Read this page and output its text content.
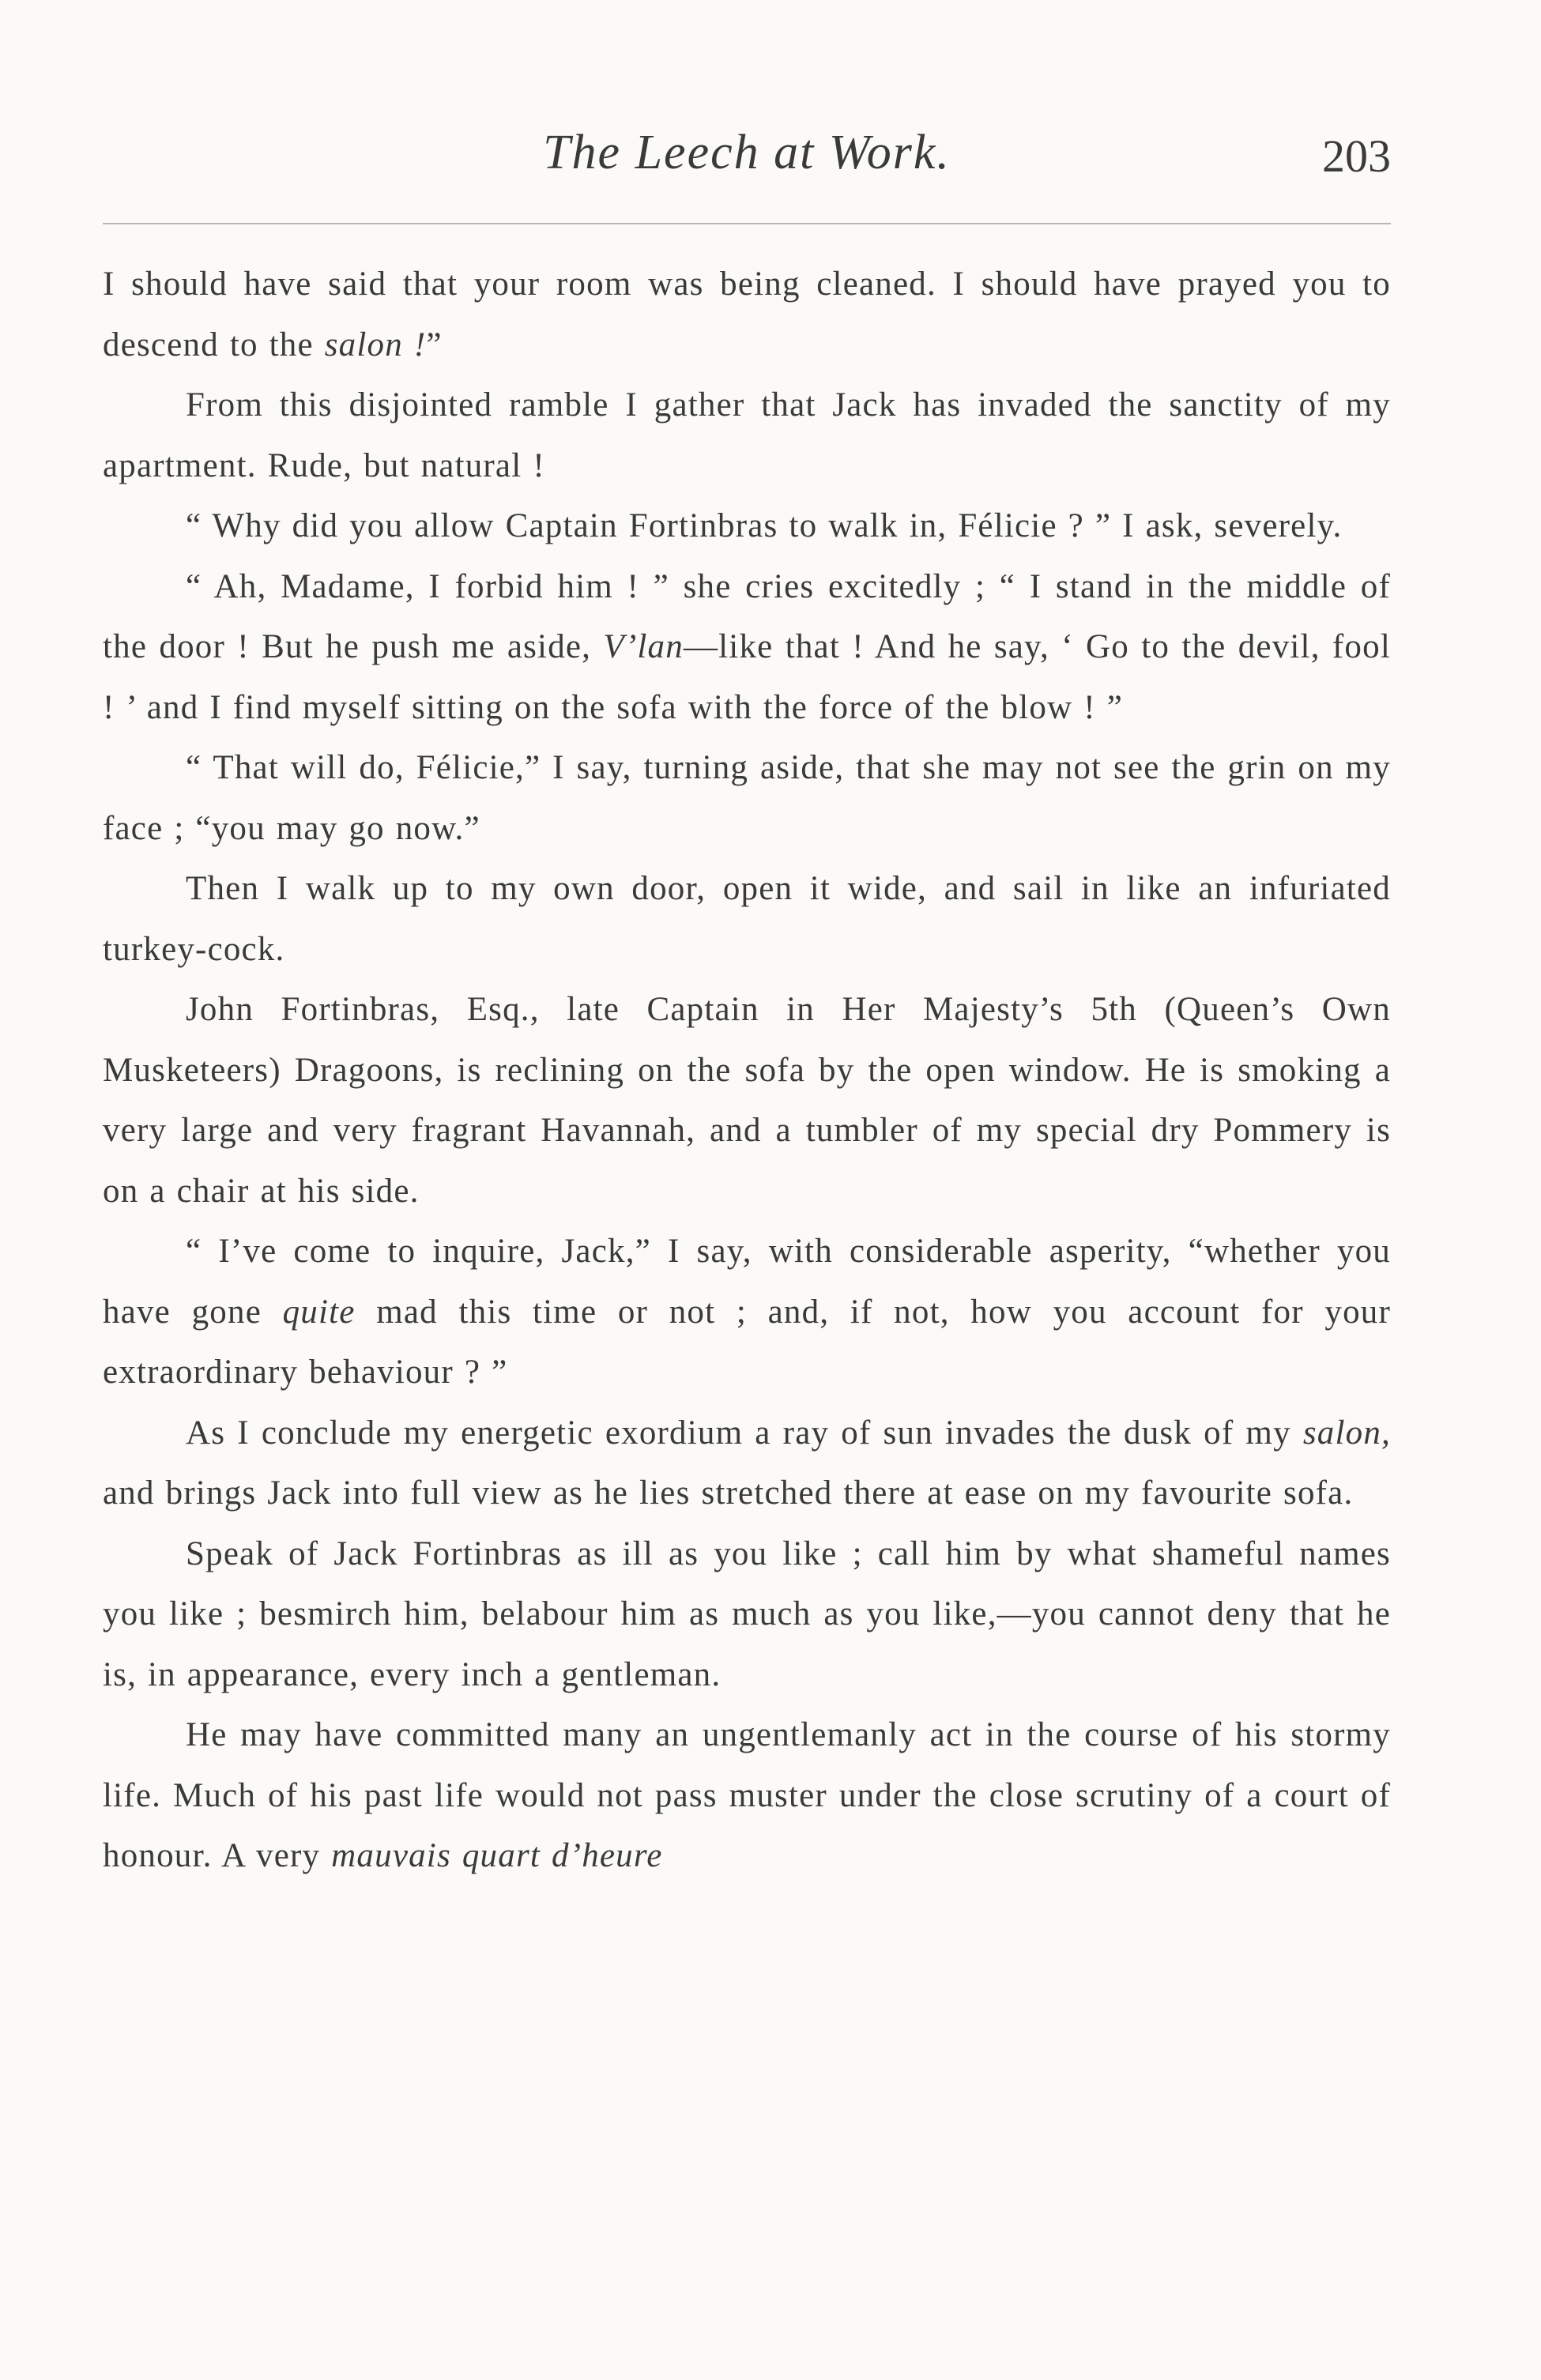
The Leech at Work.	203

I should have said that your room was being cleaned. I should have prayed you to descend to the salon !”

From this disjointed ramble I gather that Jack has invaded the sanctity of my apartment. Rude, but natural !

“ Why did you allow Captain Fortinbras to walk in, Félicie ? ” I ask, severely.

“ Ah, Madame, I forbid him ! ” she cries excitedly ; “ I stand in the middle of the door ! But he push me aside, V’lan—like that ! And he say, ‘ Go to the devil, fool ! ’ and I find myself sitting on the sofa with the force of the blow ! ”

“ That will do, Félicie,” I say, turning aside, that she may not see the grin on my face ; “you may go now.”

Then I walk up to my own door, open it wide, and sail in like an infuriated turkey-cock.

John Fortinbras, Esq., late Captain in Her Majesty’s 5th (Queen’s Own Musketeers) Dragoons, is reclining on the sofa by the open window. He is smoking a very large and very fragrant Havannah, and a tumbler of my special dry Pommery is on a chair at his side.

“ I’ve come to inquire, Jack,” I say, with considerable asperity, “whether you have gone quite mad this time or not ; and, if not, how you account for your extraordinary behaviour ? ”

As I conclude my energetic exordium a ray of sun invades the dusk of my salon, and brings Jack into full view as he lies stretched there at ease on my favourite sofa.

Speak of Jack Fortinbras as ill as you like ; call him by what shameful names you like ; besmirch him, belabour him as much as you like,—you cannot deny that he is, in appearance, every inch a gentleman.

He may have committed many an ungentlemanly act in the course of his stormy life. Much of his past life would not pass muster under the close scrutiny of a court of honour. A very mauvais quart d’heure
